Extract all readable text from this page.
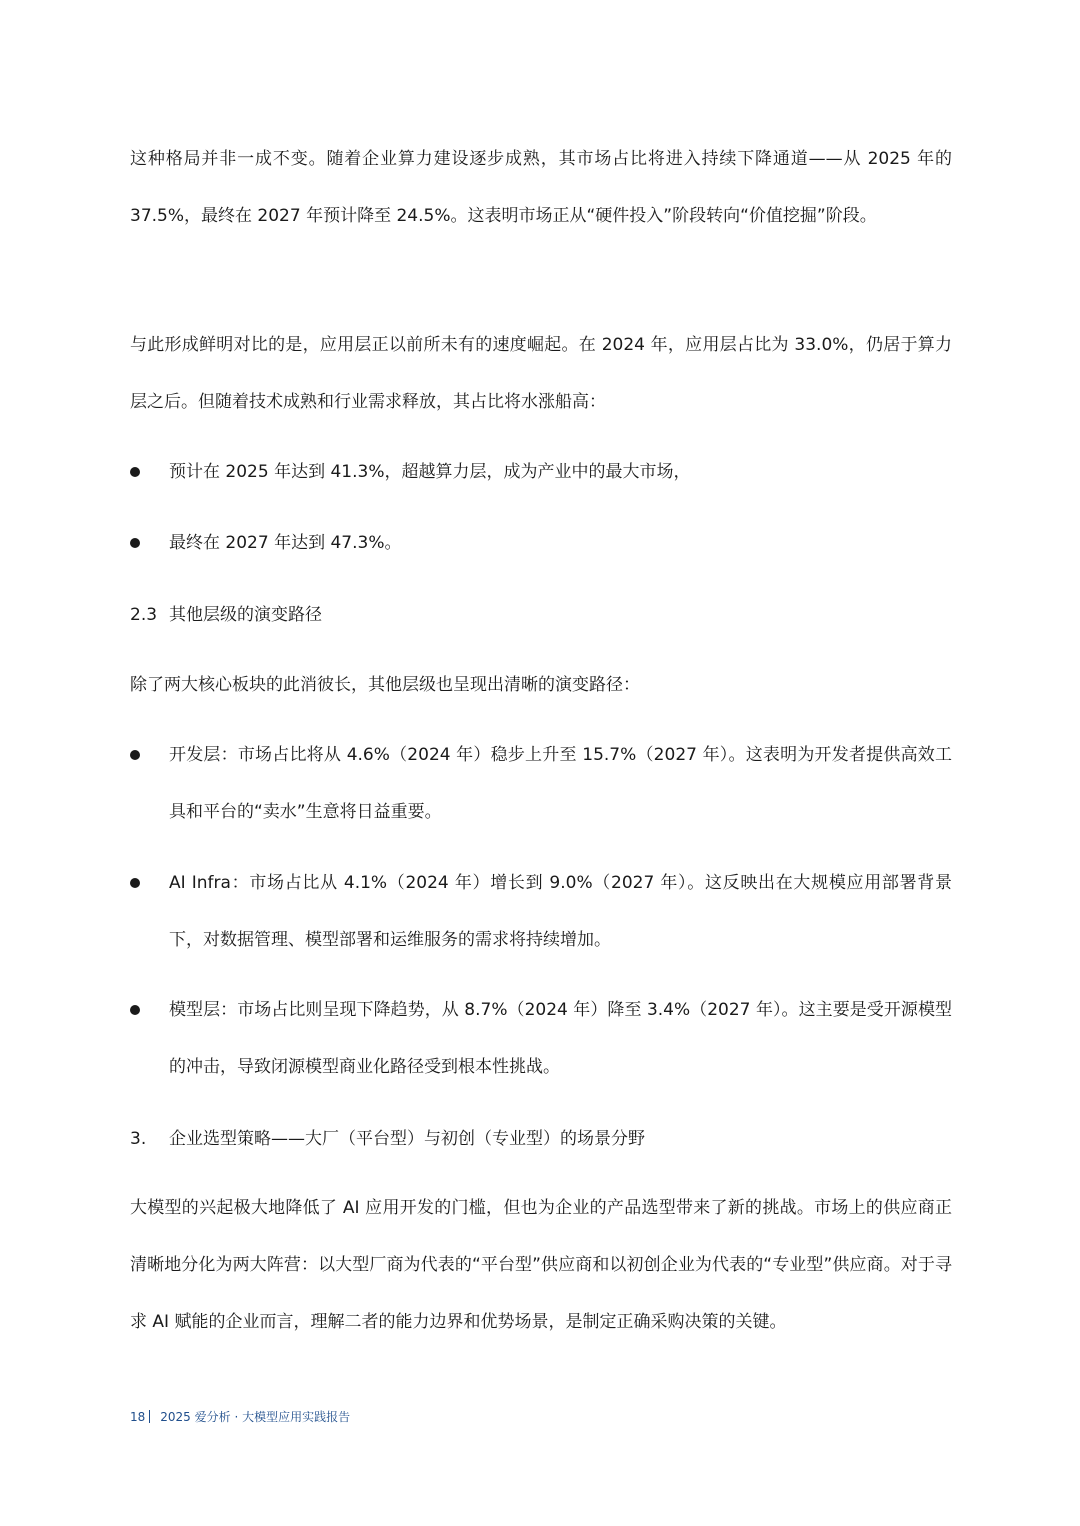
这种格局并非一成不变。随着企业算力建设逐步成熟，其市场占比将进入持续下降通道——从 2025 年的 37.5%，最终在 2027 年预计降至 24.5%。这表明市场正从“硬件投入”阶段转向“价值挖掘”阶段。

与此形成鲜明对比的是，应用层正以前所未有的速度崛起。在 2024 年，应用层占比为 33.0%，仍居于算力层之后。但随着技术成熟和行业需求释放，其占比将水涨船高：

预计在 2025 年达到 41.3%，超越算力层，成为产业中的最大市场，
最终在 2027 年达到 47.3%。
2.3 其他层级的演变路径

除了两大核心板块的此消彼长，其他层级也呈现出清晰的演变路径：

开发层：市场占比将从 4.6%（2024 年）稳步上升至 15.7%（2027 年）。这表明为开发者提供高效工具和平台的“卖水”生意将日益重要。
AI Infra：市场占比从 4.1%（2024 年）增长到 9.0%（2027 年）。这反映出在大规模应用部署背景下，对数据管理、模型部署和运维服务的需求将持续增加。
模型层：市场占比则呈现下降趋势，从 8.7%（2024 年）降至 3.4%（2027 年）。这主要是受开源模型的冲击，导致闭源模型商业化路径受到根本性挑战。
3. 企业选型策略——大厂（平台型）与初创（专业型）的场景分野

大模型的兴起极大地降低了 AI 应用开发的门槛，但也为企业的产品选型带来了新的挑战。市场上的供应商正清晰地分化为两大阵营：以大型厂商为代表的“平台型”供应商和以初创企业为代表的“专业型”供应商。对于寻求 AI 赋能的企业而言，理解二者的能力边界和优势场景，是制定正确采购决策的关键。

18 2025 爱分析 · 大模型应用实践报告
